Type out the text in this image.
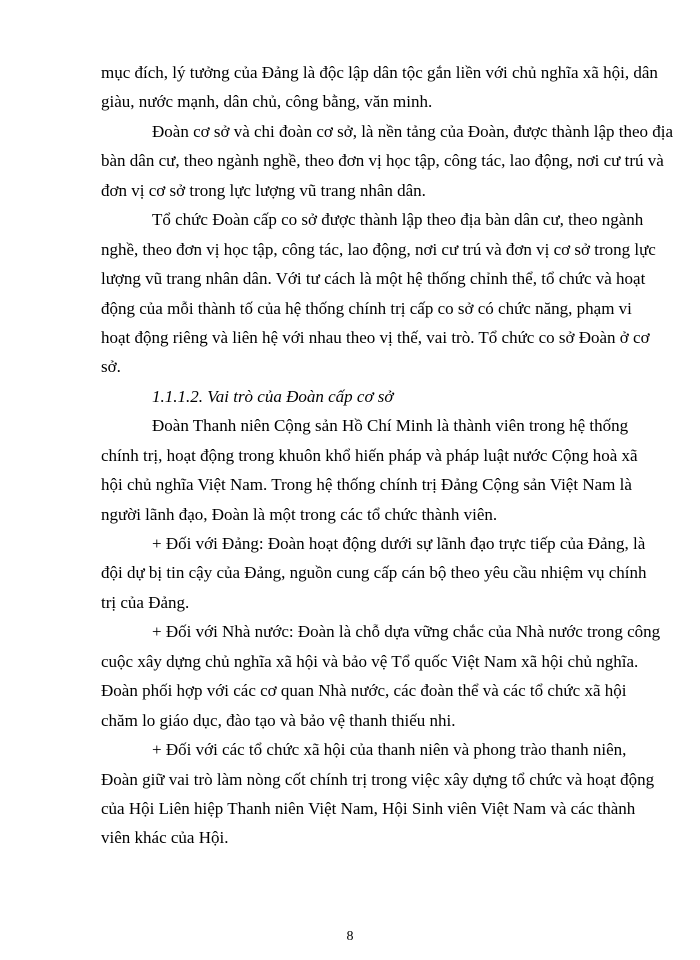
mục đích, lý tưởng của Đảng là độc lập dân tộc gắn liền với chủ nghĩa xã hội, dân
giàu, nước mạnh, dân chủ, công bằng, văn minh.
Đoàn cơ sở và chi đoàn cơ sở, là nền tảng của Đoàn, được thành lập theo địa
bàn dân cư, theo ngành nghề, theo đơn vị học tập, công tác, lao động, nơi cư trú và
đơn vị cơ sở trong lực lượng vũ trang nhân dân.
Tổ chức Đoàn cấp co sở được thành lập theo địa bàn dân cư, theo ngành
nghề, theo đơn vị học tập, công tác, lao động, nơi cư trú và đơn vị cơ sở trong lực
lượng vũ trang nhân dân. Với tư cách là một hệ thống chỉnh thể, tổ chức và hoạt
động của mỗi thành tố của hệ thống chính trị cấp co sở có chức năng, phạm vi
hoạt động riêng và liên hệ với nhau theo vị thế, vai trò. Tổ chức co sở Đoàn ở cơ
sở.
1.1.1.2. Vai trò của Đoàn cấp cơ sở
Đoàn Thanh niên Cộng sản Hồ Chí Minh là thành viên trong hệ thống
chính trị, hoạt động trong khuôn khổ hiến pháp và pháp luật nước Cộng hoà xã
hội chủ nghĩa Việt Nam. Trong hệ thống chính trị Đảng Cộng sản Việt Nam là
người lãnh đạo, Đoàn là một trong các tổ chức thành viên.
+ Đối với Đảng: Đoàn hoạt động dưới sự lãnh đạo trực tiếp của Đảng, là
đội dự bị tin cậy của Đảng, nguồn cung cấp cán bộ theo yêu cầu nhiệm vụ chính
trị của Đảng.
+ Đối với Nhà nước: Đoàn là chỗ dựa vững chắc của Nhà nước trong công
cuộc xây dựng chủ nghĩa xã hội và bảo vệ Tổ quốc Việt Nam xã hội chủ nghĩa.
Đoàn phối hợp với các cơ quan Nhà nước, các đoàn thể và các tổ chức xã hội
chăm lo giáo dục, đào tạo và bảo vệ thanh thiếu nhi.
+ Đối với các tổ chức xã hội của thanh niên và phong trào thanh niên,
Đoàn giữ vai trò làm nòng cốt chính trị trong việc xây dựng tổ chức và hoạt động
của Hội Liên hiệp Thanh niên Việt Nam, Hội Sinh viên Việt Nam và các thành
viên khác của Hội.
8
